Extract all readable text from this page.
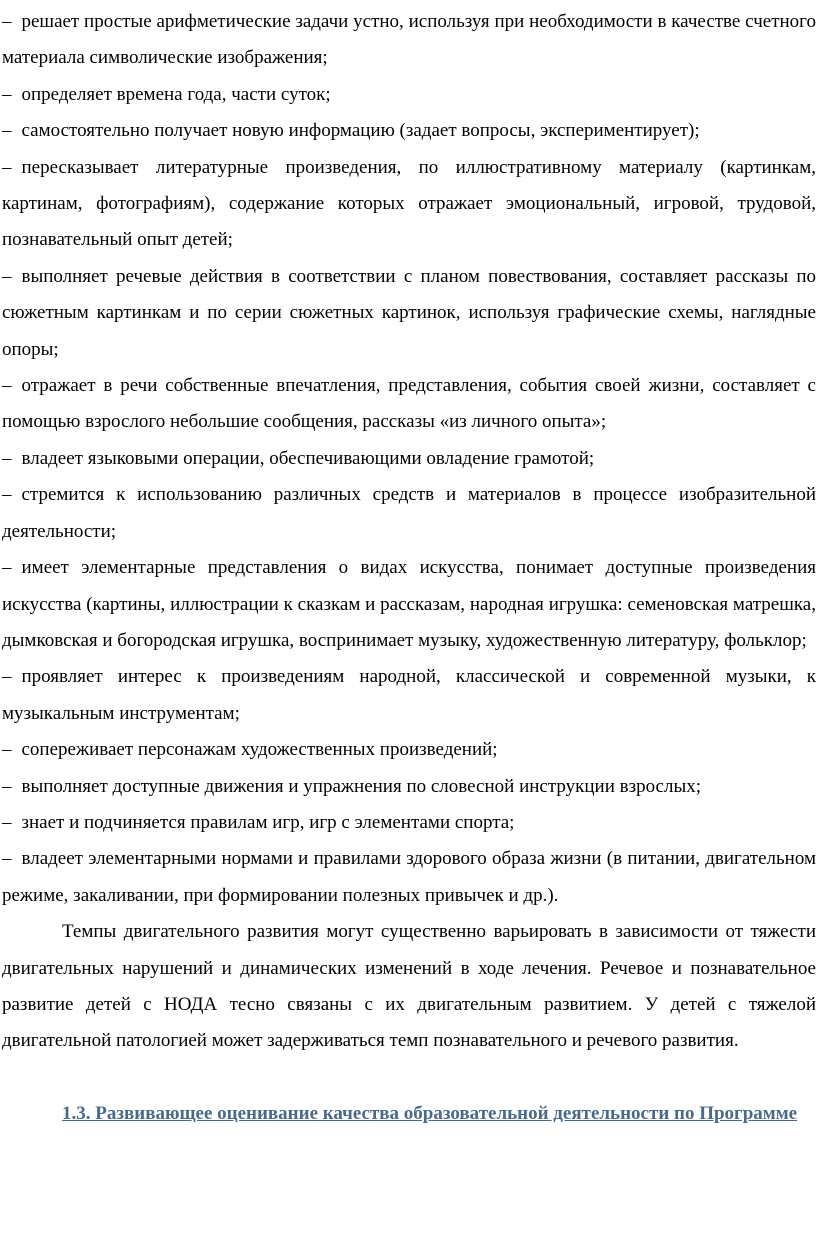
– решает простые арифметические задачи устно, используя при необходимости в качестве счетного материала символические изображения;

– определяет времена года, части суток;

– самостоятельно получает новую информацию (задает вопросы, экспериментирует);

– пересказывает литературные произведения, по иллюстративному материалу (картинкам, картинам, фотографиям), содержание которых отражает эмоциональный, игровой, трудовой, познавательный опыт детей;

– выполняет речевые действия в соответствии с планом повествования, составляет рассказы по сюжетным картинкам и по серии сюжетных картинок, используя графические схемы, наглядные опоры;

– отражает в речи собственные впечатления, представления, события своей жизни, составляет с помощью взрослого небольшие сообщения, рассказы «из личного опыта»;

– владеет языковыми операции, обеспечивающими овладение грамотой;

– стремится к использованию различных средств и материалов в процессе изобразительной деятельности;

– имеет элементарные представления о видах искусства, понимает доступные произведения искусства (картины, иллюстрации к сказкам и рассказам, народная игрушка: семеновская матрешка, дымковская и богородская игрушка, воспринимает музыку, художественную литературу, фольклор;

– проявляет интерес к произведениям народной, классической и современной музыки, к музыкальным инструментам;

– сопереживает персонажам художественных произведений;

– выполняет доступные движения и упражнения по словесной инструкции взрослых;

– знает и подчиняется правилам игр, игр с элементами спорта;

– владеет элементарными нормами и правилами здорового образа жизни (в питании, двигательном режиме, закаливании, при формировании полезных привычек и др.).

Темпы двигательного развития могут существенно варьировать в зависимости от тяжести двигательных нарушений и динамических изменений в ходе лечения. Речевое и познавательное развитие детей с НОДА тесно связаны с их двигательным развитием. У детей с тяжелой двигательной патологией может задерживаться темп познавательного и речевого развития.

1.3. Развивающее оценивание качества образовательной деятельности по Программе
